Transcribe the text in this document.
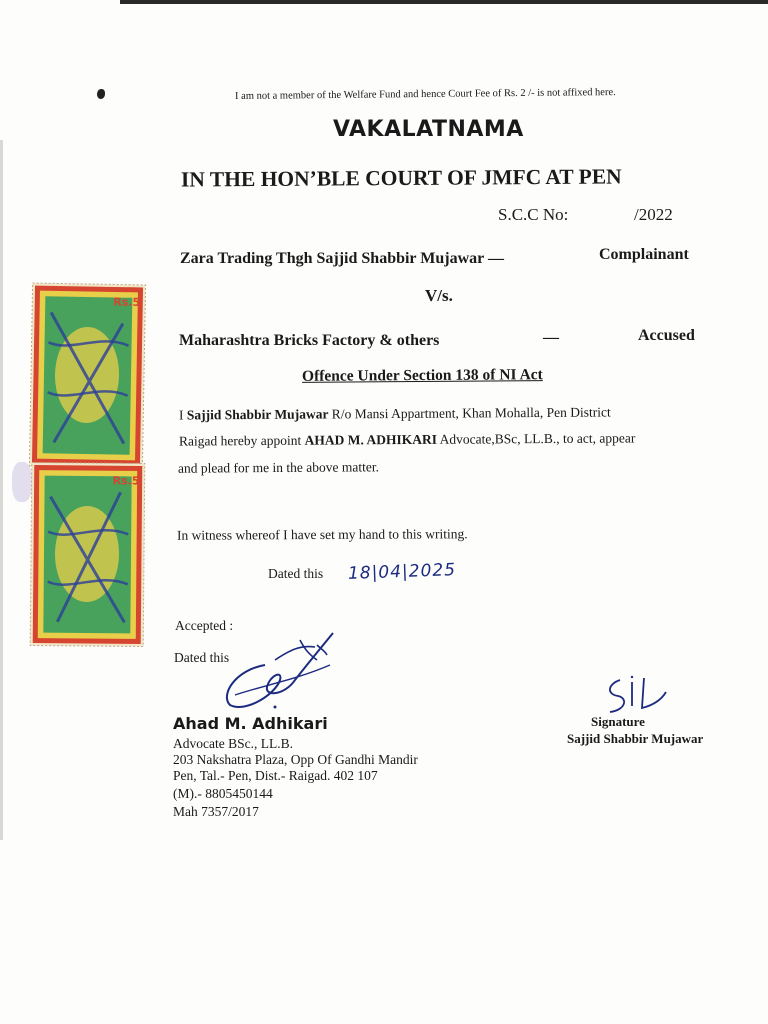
I am not a member of the Welfare Fund and hence Court Fee of Rs. 2 /- is not affixed here.
VAKALATNAMA
IN THE HON’BLE COURT OF JMFC AT PEN
S.C.C No:	/2022
Zara Trading Thgh Sajjid Shabbir Mujawar —	Complainant
V/s.
Maharashtra Bricks Factory & others	—	Accused
Offence Under Section 138 of NI Act
I Sajjid Shabbir Mujawar R/o Mansi Appartment, Khan Mohalla, Pen District
Raigad hereby appoint AHAD M. ADHIKARI Advocate,BSc, LL.B., to act, appear
and plead for me in the above matter.
In witness whereof I have set my hand to this writing.
Dated this 18|04|2025
Accepted :
Dated this
Ahad M. Adhikari
Advocate BSc., LL.B.
203 Nakshatra Plaza, Opp Of Gandhi Mandir
Pen, Tal.- Pen, Dist.- Raigad. 402 107
(M).- 8805450144
Mah 7357/2017
Signature
Sajjid Shabbir Mujawar
Rs.5
Rs.5
